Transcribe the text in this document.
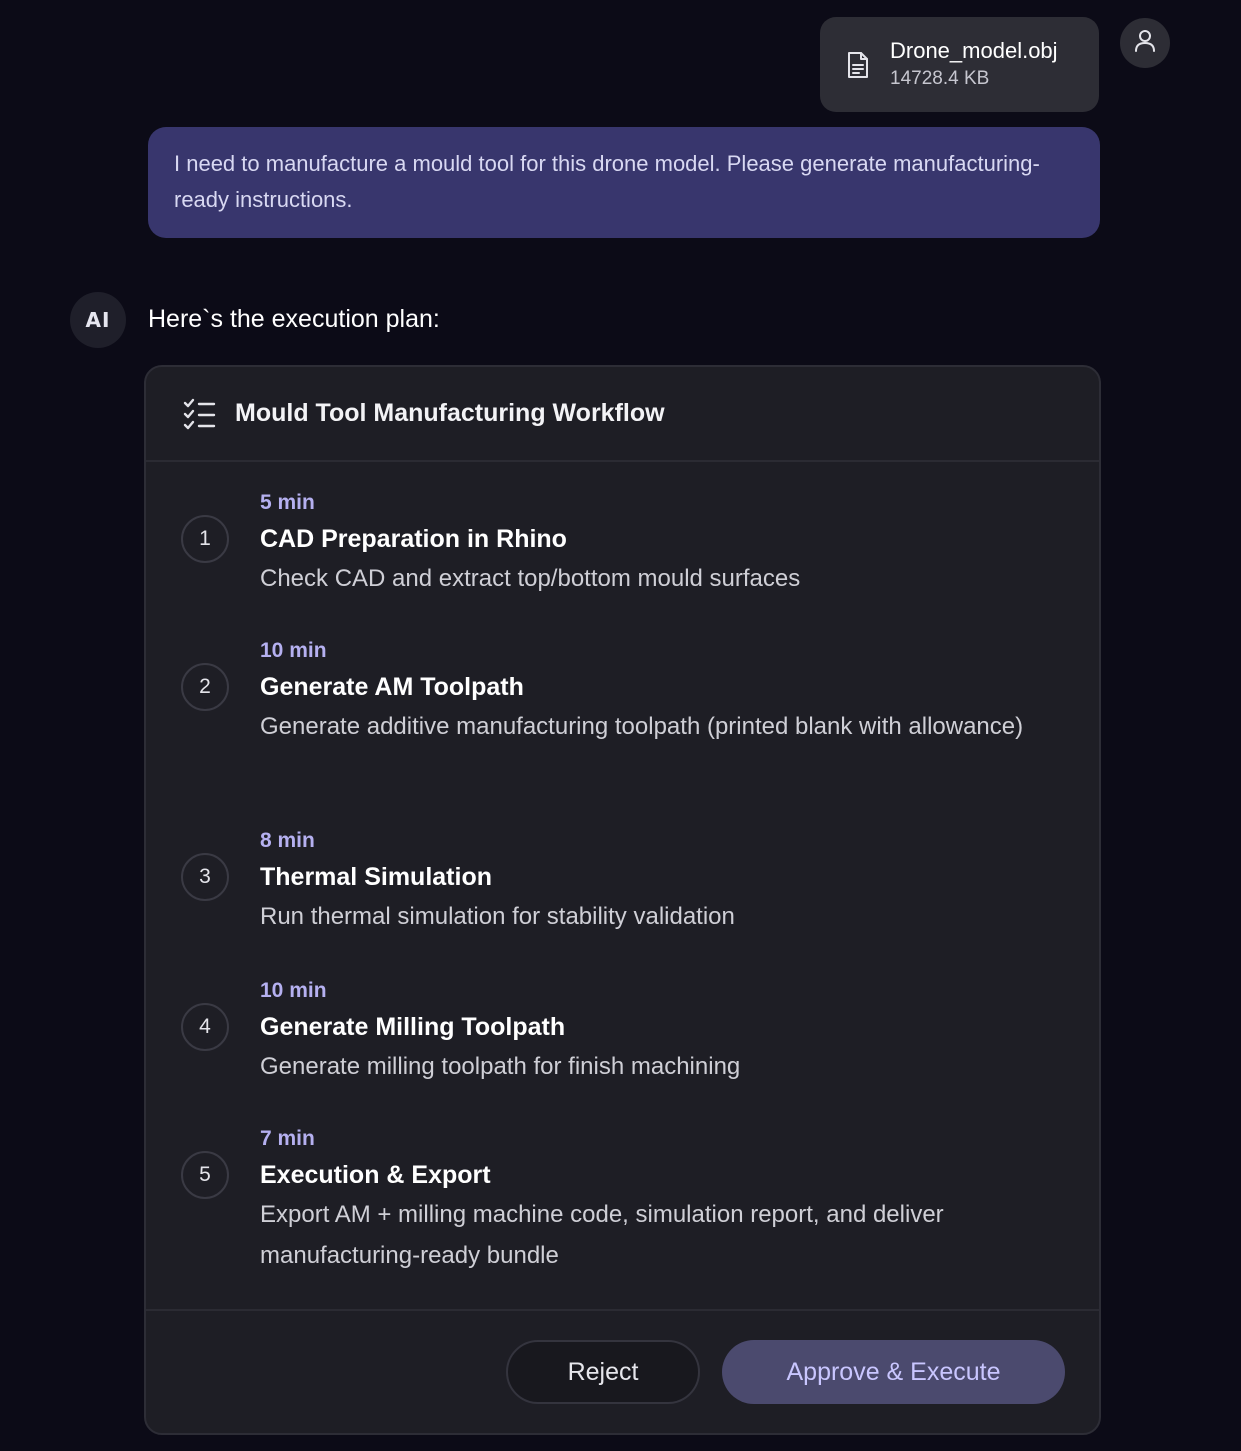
Drone_model.obj
14728.4 KB
I need to manufacture a mould tool for this drone model. Please generate manufacturing-ready instructions.
AI Here`s the execution plan:
Mould Tool Manufacturing Workflow
1
5 min
CAD Preparation in Rhino
Check CAD and extract top/bottom mould surfaces
2
10 min
Generate AM Toolpath
Generate additive manufacturing toolpath (printed blank with allowance)
3
8 min
Thermal Simulation
Run thermal simulation for stability validation
4
10 min
Generate Milling Toolpath
Generate milling toolpath for finish machining
5
7 min
Execution & Export
Export AM + milling machine code, simulation report, and deliver manufacturing-ready bundle
Reject	Approve & Execute
